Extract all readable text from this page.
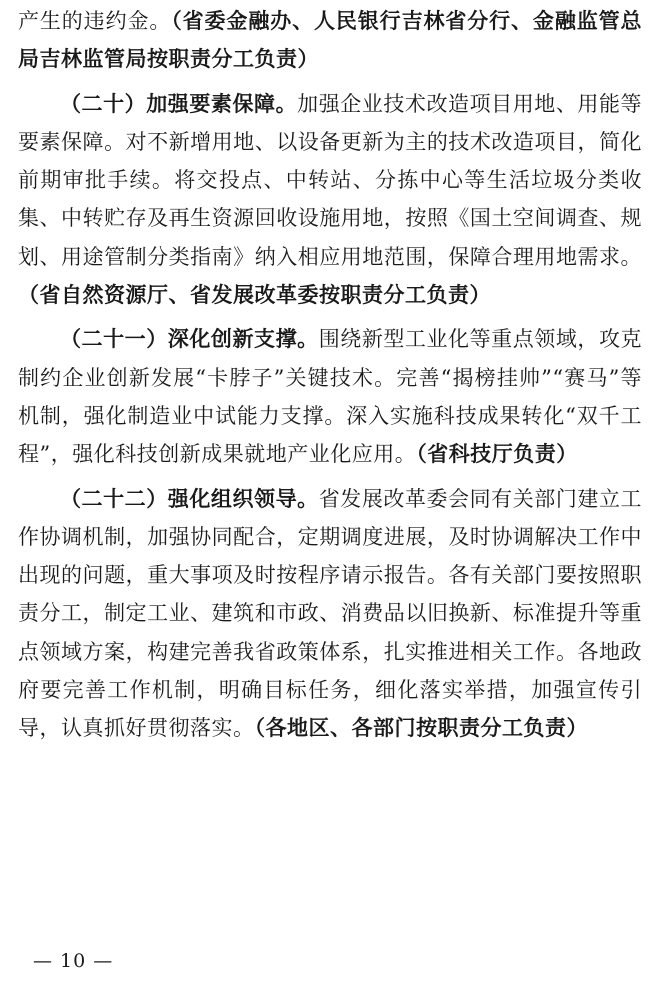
产生的违约金。（省委金融办、人民银行吉林省分行、金融监管总局吉林监管局按职责分工负责）

（二十）加强要素保障。加强企业技术改造项目用地、用能等要素保障。对不新增用地、以设备更新为主的技术改造项目，简化前期审批手续。将交投点、中转站、分拣中心等生活垃圾分类收集、中转贮存及再生资源回收设施用地，按照《国土空间调查、规划、用途管制分类指南》纳入相应用地范围，保障合理用地需求。（省自然资源厅、省发展改革委按职责分工负责）

（二十一）深化创新支撑。围绕新型工业化等重点领域，攻克制约企业创新发展“卡脖子”关键技术。完善“揭榜挂帅”“赛马”等机制，强化制造业中试能力支撑。深入实施科技成果转化“双千工程”，强化科技创新成果就地产业化应用。（省科技厅负责）

（二十二）强化组织领导。省发展改革委会同有关部门建立工作协调机制，加强协同配合，定期调度进展，及时协调解决工作中出现的问题，重大事项及时按程序请示报告。各有关部门要按照职责分工，制定工业、建筑和市政、消费品以旧换新、标准提升等重点领域方案，构建完善我省政策体系，扎实推进相关工作。各地政府要完善工作机制，明确目标任务，细化落实举措，加强宣传引导，认真抓好贯彻落实。（各地区、各部门按职责分工负责）

— 10 —
